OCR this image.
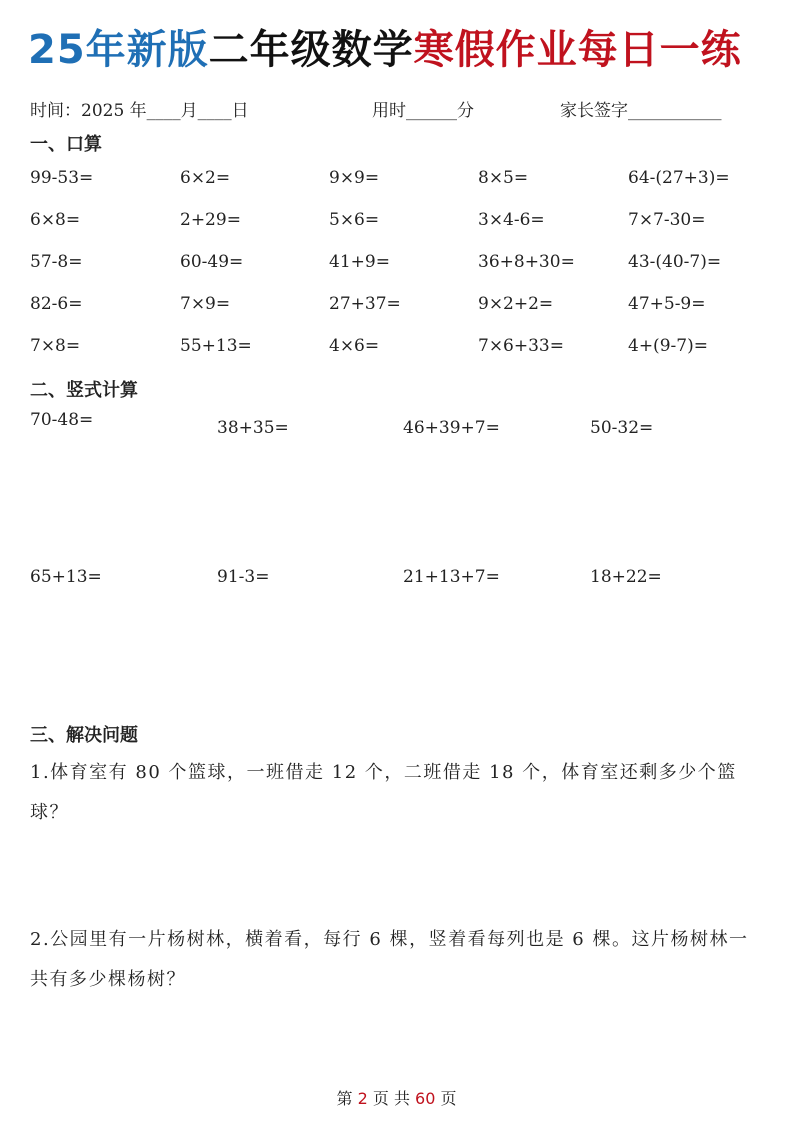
25年新版二年级数学寒假作业每日一练
时间：2025 年____月____日	用时______分	家长签字___________
一、口算
99-53=	6×2=	9×9=	8×5=	64-(27+3)=
6×8=	2+29=	5×6=	3×4-6=	7×7-30=
57-8=	60-49=	41+9=	36+8+30=	43-(40-7)=
82-6=	7×9=	27+37=	9×2+2=	47+5-9=
7×8=	55+13=	4×6=	7×6+33=	4+(9-7)=
二、竖式计算
70-48=	38+35=	46+39+7=	50-32=
65+13=	91-3=	21+13+7=	18+22=
三、解决问题
1.体育室有 80 个篮球，一班借走 12 个，二班借走 18 个，体育室还剩多少个篮球？
2.公园里有一片杨树林，横着看，每行 6 棵，竖着看每列也是 6 棵。这片杨树林一共有多少棵杨树？
第 2 页 共 60 页
